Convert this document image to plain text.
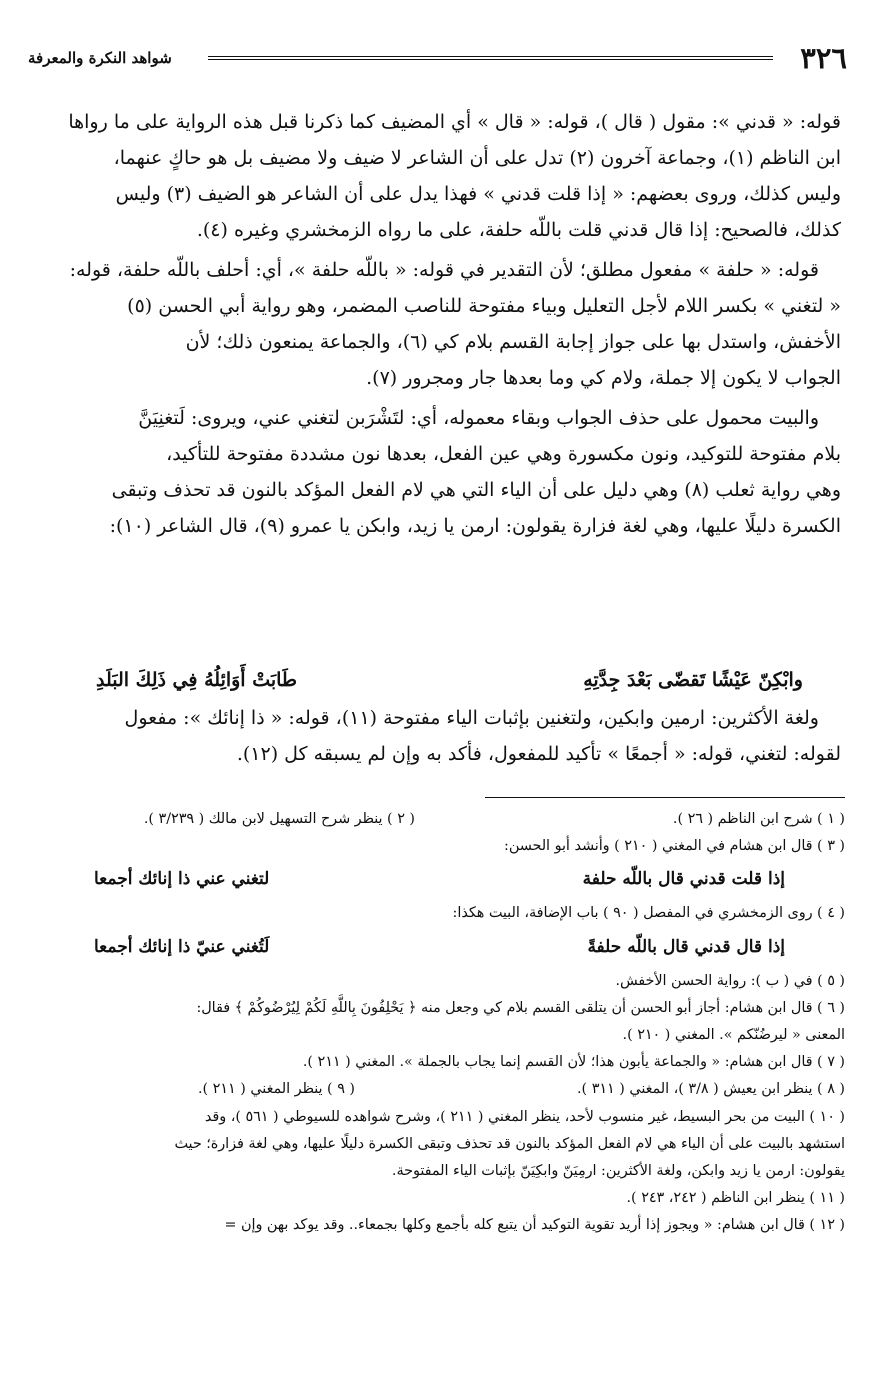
٣٢٦
شواهد النكرة والمعرفة

قوله: « قدني »: مقول ( قال )، قوله: « قال » أي المضيف كما ذكرنا قبل هذه الرواية على ما رواها
ابن الناظم (١)، وجماعة آخرون (٢) تدل على أن الشاعر لا ضيف ولا مضيف بل هو حاكٍ عنهما،
وليس كذلك، وروى بعضهم: « إذا قلت قدني » فهذا يدل على أن الشاعر هو الضيف (٣) وليس
كذلك، فالصحيح: إذا قال قدني قلت باللّه حلفة، على ما رواه الزمخشري وغيره (٤).

قوله: « حلفة » مفعول مطلق؛ لأن التقدير في قوله: « باللّه حلفة »، أي: أحلف باللّه حلفة، قوله:
« لتغني » بكسر اللام لأجل التعليل وبياء مفتوحة للناصب المضمر، وهو رواية أبي الحسن (٥)
الأخفش، واستدل بها على جواز إجابة القسم بلام كي (٦)، والجماعة يمنعون ذلك؛ لأن
الجواب لا يكون إلا جملة، ولام كي وما بعدها جار ومجرور (٧).

والبيت محمول على حذف الجواب وبقاء معموله، أي: لتَشْرَبن لتغني عني، ويروى: لَتغنِيَنَّ
بلام مفتوحة للتوكيد، ونون مكسورة وهي عين الفعل، بعدها نون مشددة مفتوحة للتأكيد،
وهي رواية ثعلب (٨) وهي دليل على أن الياء التي هي لام الفعل المؤكد بالنون قد تحذف وتبقى
الكسرة دليلًا عليها، وهي لغة فزارة يقولون: ارمن يا زيد، وابكن يا عمرو (٩)، قال الشاعر (١٠):

وابْكِنّ عَيْشًا تَقضّى بَعْدَ جِدَّتِهِ
طَابَتْ أَوَائِلُهُ فِي ذَلِكَ البَلَدِ

ولغة الأكثرين: ارمين وابكين، ولتغنين بإثبات الياء مفتوحة (١١)، قوله: « ذا إنائك »: مفعول
لقوله: لتغني، قوله: « أجمعًا » تأكيد للمفعول، فأكد به وإن لم يسبقه كل (١٢).

( ١ ) شرح ابن الناظم ( ٢٦ ).
( ٢ ) ينظر شرح التسهيل لابن مالك ( ٣/٢٣٩ ).
( ٣ ) قال ابن هشام في المغني ( ٢١٠ ) وأنشد أبو الحسن:
إذا قلت قدني قال باللّه حلفة
لتغني عني ذا إنائك أجمعا
( ٤ ) روى الزمخشري في المفصل ( ٩٠ ) باب الإضافة، البيت هكذا:
إذا قال قدني قال باللّه حلفةً
لَتُغني عنيّ ذا إنائك أجمعا
( ٥ ) في ( ب ): رواية الحسن الأخفش.
( ٦ ) قال ابن هشام: أجاز أبو الحسن أن يتلقى القسم بلام كي وجعل منه ﴿ يَحْلِفُونَ بِاللَّهِ لَكُمْ لِيُرْضُوكُمْ ﴾ فقال:
المعنى « ليرضُنّكم ». المغني ( ٢١٠ ).
( ٧ ) قال ابن هشام: « والجماعة يأبون هذا؛ لأن القسم إنما يجاب بالجملة ». المغني ( ٢١١ ).
( ٨ ) ينظر ابن يعيش ( ٣/٨ )، المغني ( ٣١١ ).
( ٩ ) ينظر المغني ( ٢١١ ).
( ١٠ ) البيت من بحر البسيط، غير منسوب لأحد، ينظر المغني ( ٢١١ )، وشرح شواهده للسيوطي ( ٥٦١ )، وقد
استشهد بالبيت على أن الياء هي لام الفعل المؤكد بالنون قد تحذف وتبقى الكسرة دليلًا عليها، وهي لغة فزارة؛ حيث
يقولون: ارمن يا زيد وابكن، ولغة الأكثرين: ارمِيَنّ وابكِيَنّ بإثبات الياء المفتوحة.
( ١١ ) ينظر ابن الناظم ( ٢٤٢، ٢٤٣ ).
( ١٢ ) قال ابن هشام: « ويجوز إذا أريد تقوية التوكيد أن يتبع كله بأجمع وكلها بجمعاء.. وقد يوكد بهن وإن =
